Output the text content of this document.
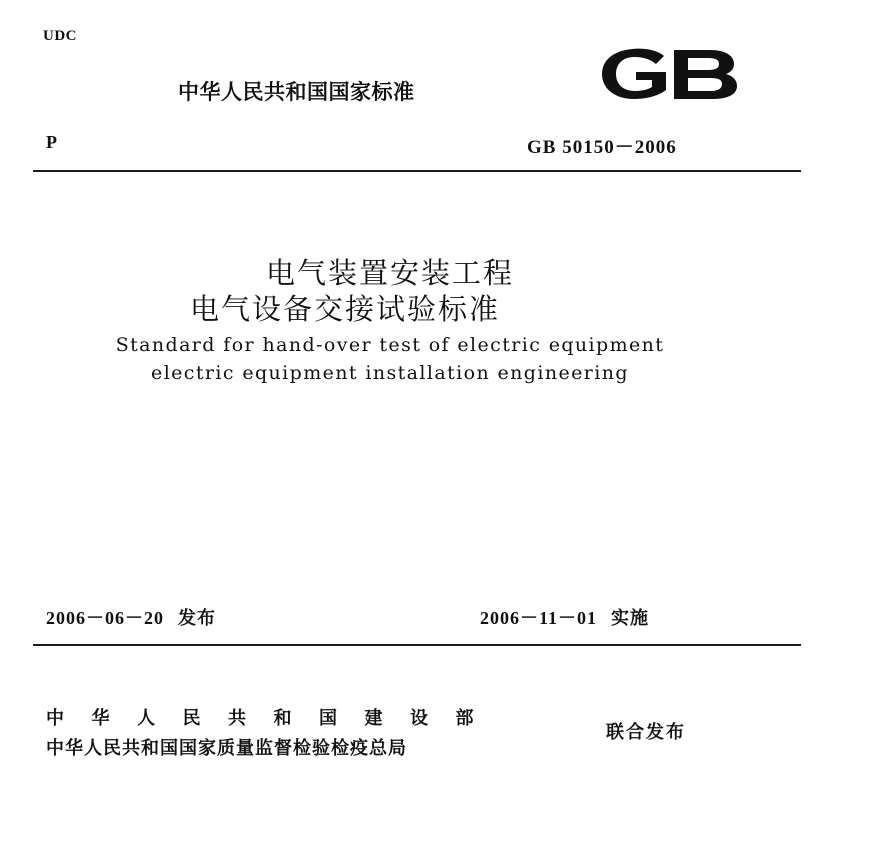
UDC
中华人民共和国国家标准
P	GB 50150－2006
电气装置安装工程
电气设备交接试验标准
Standard for hand-over test of electric equipment
electric equipment installation engineering
2006－06－20 发布	2006－11－01 实施
中华人民共和国建设部
中华人民共和国国家质量监督检验检疫总局
联合发布
